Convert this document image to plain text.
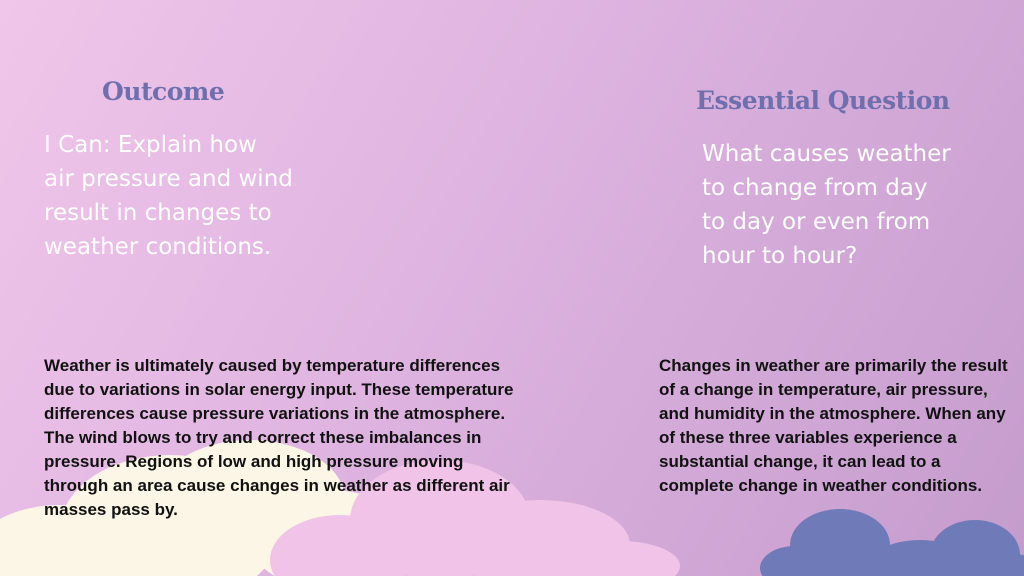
Outcome

I Can: Explain how air pressure and wind result in changes to weather conditions.

Essential Question

What causes weather to change from day to day or even from hour to hour?

Weather is ultimately caused by temperature differences due to variations in solar energy input. These temperature differences cause pressure variations in the atmosphere. The wind blows to try and correct these imbalances in pressure. Regions of low and high pressure moving through an area cause changes in weather as different air masses pass by.

Changes in weather are primarily the result of a change in temperature, air pressure, and humidity in the atmosphere. When any of these three variables experience a substantial change, it can lead to a complete change in weather conditions.
